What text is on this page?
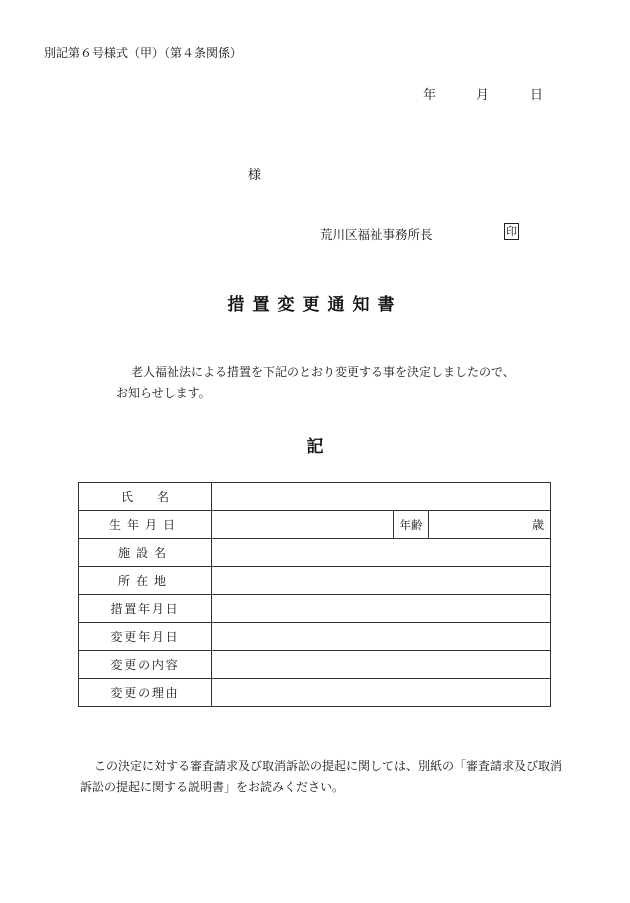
別記第６号様式（甲）（第４条関係）
年	月	日
様
荒川区福祉事務所長	印
措置変更通知書
老人福祉法による措置を下記のとおり変更する事を決定しましたので、
お知らせします。
記
氏　　名			
生年月日		年齢	歳
施設名			
所在地			
措置年月日			
変更年月日			
変更の内容			
変更の理由			
この決定に対する審査請求及び取消訴訟の提起に関しては、別紙の「審査請求及び取消
訴訟の提起に関する説明書」をお読みください。
